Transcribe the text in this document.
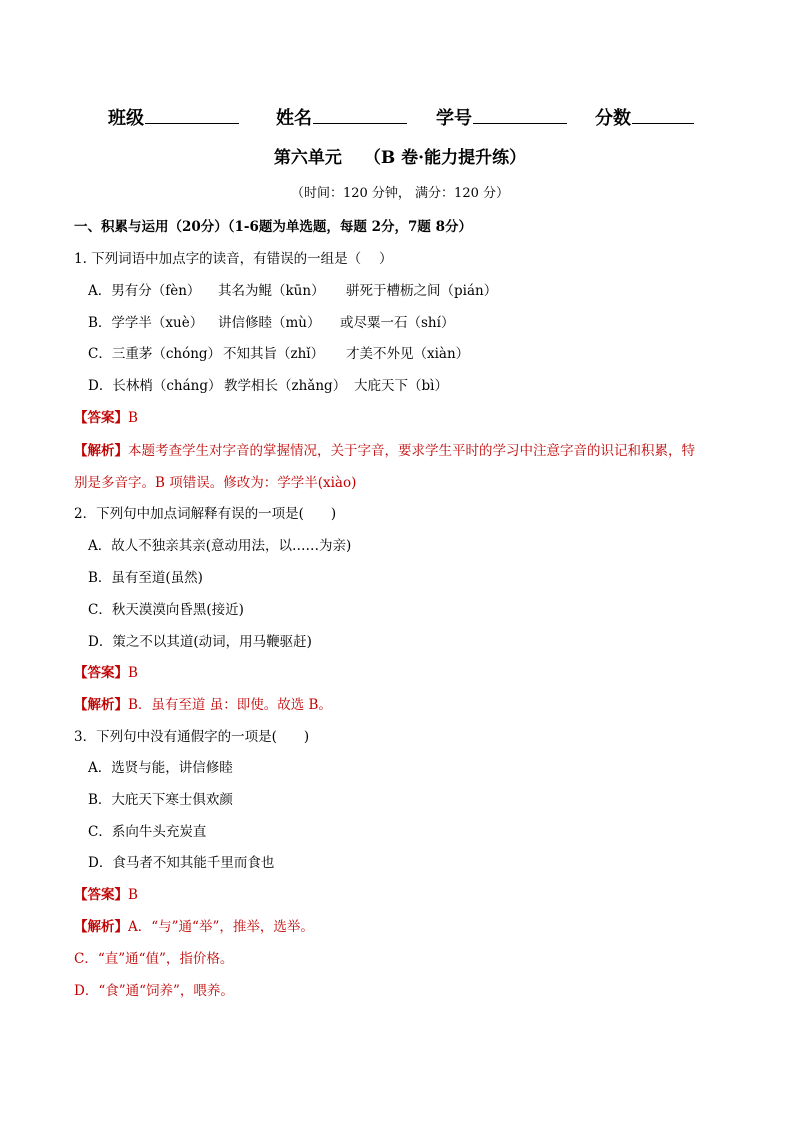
班级	姓名	学号	分数
第六单元 （B 卷·能力提升练）
（时间：120 分钟， 满分：120 分）
一、积累与运用（20分）（1-6题为单选题，每题 2分，7题 8分）
1. 下列词语中加点字的读音，有错误的一组是（　 ）
A．男有分（fèn） 其名为鲲（kūn） 骈死于槽枥之间（pián）
B．学学半（xuè） 讲信修睦（mù） 或尽粟一石（shí）
C．三重茅（chóng） 不知其旨（zhǐ） 才美不外见（xiàn）
D．长林梢（cháng） 教学相长（zhǎng） 大庇天下（bì）
【答案】B
【解析】本题考查学生对字音的掌握情况，关于字音，要求学生平时的学习中注意字音的识记和积累，特
别是多音字。B 项错误。修改为：学学半(xiào)
2．下列句中加点词解释有误的一项是(　　)
A．故人不独亲其亲(意动用法，以……为亲)
B．虽有至道(虽然)
C．秋天漠漠向昏黑(接近)
D．策之不以其道(动词，用马鞭驱赶)
【答案】B
【解析】B．虽有至道 虽：即使。故选 B。
3．下列句中没有通假字的一项是(　　)
A．选贤与能，讲信修睦
B．大庇天下寒士俱欢颜
C．系向牛头充炭直
D．食马者不知其能千里而食也
【答案】B
【解析】A．“与”通“举”，推举，选举。
C．“直”通“值”，指价格。
D．“食”通“饲养”，喂养。
